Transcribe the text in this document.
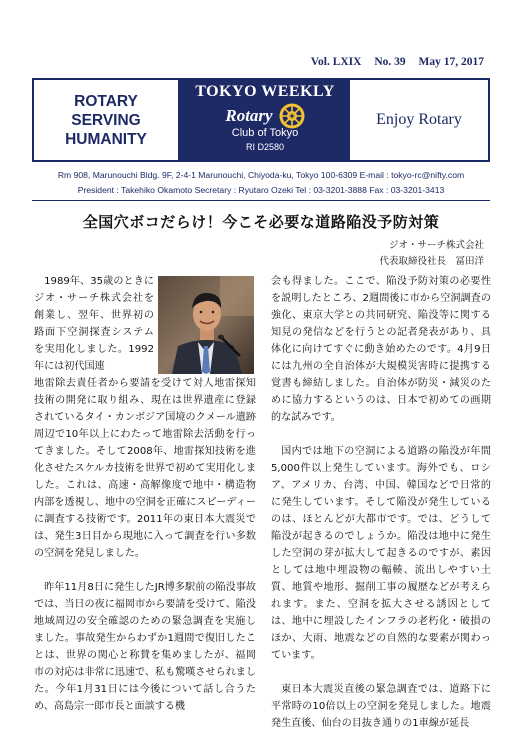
Vol. LXIX No. 39 May 17, 2017
ROTARY
SERVING
HUMANITY
TOKYO WEEKLY
Rotary
Club of Tokyo
RI D2580
Enjoy Rotary
Rm 908, Marunouchi Bldg. 9F, 2-4-1 Marunouchi, Chiyoda-ku, Tokyo 100-6309 E-mail : tokyo-rc@nifty.com
President : Takehiko Okamoto Secretary : Ryutaro Ozeki Tel : 03-3201-3888 Fax : 03-3201-3413
全国穴ボコだらけ！今こそ必要な道路陥没予防対策
ジオ・サーチ株式会社
代表取締役社長　冨田洋

1989年、35歳のときにジオ・サーチ株式会社を創業し、翌年、世界初の路面下空洞探査システムを実用化しました。1992年には初代国連

地雷除去責任者から要請を受けて対人地雷探知技術の開発に取り組み、現在は世界遺産に登録されているタイ・カンボジア国境のクメール遺跡周辺で10年以上にわたって地雷除去活動を行ってきました。そして2008年、地雷探知技術を進化させたスケルカ技術を世界で初めて実用化しました。これは、高速・高解像度で地中・構造物内部を透視し、地中の空洞を正確にスピーディーに調査する技術です。2011年の東日本大震災では、発生3日目から現地に入って調査を行い多数の空洞を発見しました。

昨年11月8日に発生したJR博多駅前の陥没事故では、当日の夜に福岡市から要請を受けて、陥没地域周辺の安全確認のための緊急調査を実施しました。事故発生からわずか1週間で復旧したことは、世界の関心と称賛を集めましたが、福岡市の対応は非常に迅速で、私も驚嘆させられました。今年1月31日には今後について話し合うため、高島宗一郎市長と面談する機

会も得ました。ここで、陥没予防対策の必要性を説明したところ、2週間後に市から空洞調査の強化、東京大学との共同研究、陥没等に関する知見の発信などを行うとの記者発表があり、具体化に向けてすぐに動き始めたのです。4月9日には九州の全自治体が大規模災害時に提携する覚書も締結しました。自治体が防災・減災のために協力するというのは、日本で初めての画期的な試みです。

国内では地下の空洞による道路の陥没が年間5,000件以上発生しています。海外でも、ロシア、アメリカ、台湾、中国、韓国などで日常的に発生しています。そして陥没が発生しているのは、ほとんどが大都市です。では、どうして陥没が起きるのでしょうか。陥没は地中に発生した空洞の芽が拡大して起きるのですが、素因としては地中埋設物の輻輳、流出しやすい土質、地質や地形、掘削工事の履歴などが考えられます。また、空洞を拡大させる誘因としては、地中に埋設したインフラの老朽化・破損のほか、大雨、地震などの自然的な要素が関わっています。

東日本大震災直後の緊急調査では、道路下に平常時の10倍以上の空洞を発見しました。地震発生直後、仙台の目抜き通りの1車線が延長
